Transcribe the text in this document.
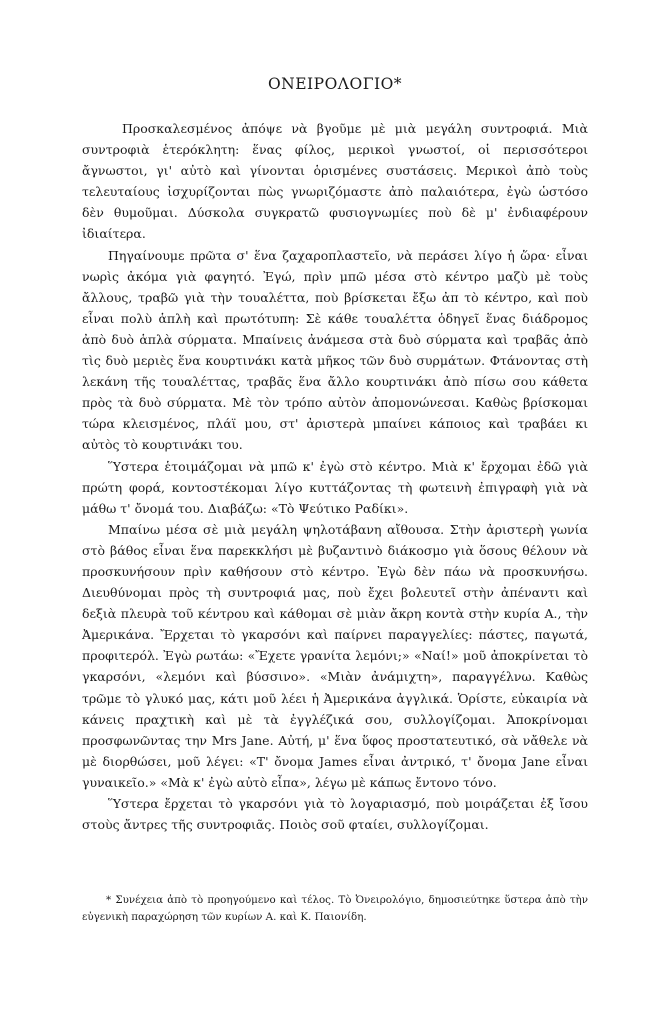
ΟΝΕΙΡΟΛΟΓΙΟ*

Προσκαλεσμένος ἀπόψε νὰ βγοῦμε μὲ μιὰ μεγάλη συντροφιά. Μιὰ συντροφιὰ ἑτερόκλητη: ἕνας φίλος, μερικοὶ γνωστοί, οἱ περισσότεροι ἄγνωστοι, γι' αὐτὸ καὶ γίνονται ὁρισμένες συστάσεις. Μερικοὶ ἀπὸ τοὺς τελευταίους ἰσχυρίζονται πὼς γνωριζόμαστε ἀπὸ παλαιότερα, ἐγὼ ὡστόσο δὲν θυμοῦμαι. Δύσκολα συγκρατῶ φυσιογνωμίες ποὺ δὲ μ' ἐνδιαφέρουν ἰδιαίτερα.

Πηγαίνουμε πρῶτα σ' ἕνα ζαχαροπλαστεῖο, νὰ περάσει λίγο ἡ ὥρα· εἶναι νωρὶς ἀκόμα γιὰ φαγητό. Ἐγώ, πρὶν μπῶ μέσα στὸ κέντρο μαζὺ μὲ τοὺς ἄλλους, τραβῶ γιὰ τὴν τουαλέττα, ποὺ βρίσκεται ἔξω ἀπ τὸ κέντρο, καὶ ποὺ εἶναι πολὺ ἁπλὴ καὶ πρωτότυπη: Σὲ κάθε τουαλέττα ὁδηγεῖ ἕνας διάδρομος ἀπὸ δυὸ ἁπλὰ σύρματα. Μπαίνεις ἀνάμεσα στὰ δυὸ σύρματα καὶ τραβᾶς ἀπὸ τὶς δυὸ μεριὲς ἕνα κουρτινάκι κατὰ μῆκος τῶν δυὸ συρμάτων. Φτάνοντας στὴ λεκάνη τῆς τουαλέττας, τραβᾶς ἕνα ἄλλο κουρτινάκι ἀπὸ πίσω σου κάθετα πρὸς τὰ δυὸ σύρματα. Μὲ τὸν τρόπο αὐτὸν ἀπομονώνεσαι. Καθὼς βρίσκομαι τώρα κλεισμένος, πλάϊ μου, στ' ἀριστερὰ μπαίνει κάποιος καὶ τραβάει κι αὐτὸς τὸ κουρτινάκι του.

Ὕστερα ἑτοιμάζομαι νὰ μπῶ κ' ἐγὼ στὸ κέντρο. Μιὰ κ' ἔρχομαι ἐδῶ γιὰ πρώτη φορά, κοντοστέκομαι λίγο κυττάζοντας τὴ φωτεινὴ ἐπιγραφὴ γιὰ νὰ μάθω τ' ὄνομά του. Διαβάζω: «Τὸ Ψεύτικο Ραδίκι».

Μπαίνω μέσα σὲ μιὰ μεγάλη ψηλοτάβανη αἴθουσα. Στὴν ἀριστερὴ γωνία στὸ βάθος εἶναι ἕνα παρεκκλήσι μὲ βυζαντινὸ διάκοσμο γιὰ ὅσους θέλουν νὰ προσκυνήσουν πρὶν καθήσουν στὸ κέντρο. Ἐγὼ δὲν πάω νὰ προσκυνήσω. Διευθύνομαι πρὸς τὴ συντροφιά μας, ποὺ ἔχει βολευτεῖ στὴν ἀπέναντι καὶ δεξιὰ πλευρὰ τοῦ κέντρου καὶ κάθομαι σὲ μιὰν ἄκρη κοντὰ στὴν κυρία Α., τὴν Ἀμερικάνα. Ἔρχεται τὸ γκαρσόνι καὶ παίρνει παραγγελίες: πάστες, παγωτά, προφιτερόλ. Ἐγὼ ρωτάω: «Ἔχετε γρανίτα λεμόνι;» «Ναί!» μοῦ ἀποκρίνεται τὸ γκαρσόνι, «λεμόνι καὶ βύσσινο». «Μιὰν ἀνάμιχτη», παραγγέλνω. Καθὼς τρῶμε τὸ γλυκό μας, κάτι μοῦ λέει ἡ Ἀμερικάνα ἀγγλικά. Ὁρίστε, εὐκαιρία νὰ κάνεις πραχτικὴ καὶ μὲ τὰ ἐγγλέζικά σου, συλλογίζομαι. Ἀποκρίνομαι προσφωνῶντας την Mrs Jane. Αὐτή, μ' ἕνα ὕφος προστατευτικό, σὰ νἄθελε νὰ μὲ διορθώσει, μοῦ λέγει: «Τ' ὄνομα James εἶναι ἀντρικό, τ' ὄνομα Jane εἶναι γυναικεῖο.» «Μὰ κ' ἐγὼ αὐτὸ εἶπα», λέγω μὲ κάπως ἔντονο τόνο.

Ὕστερα ἔρχεται τὸ γκαρσόνι γιὰ τὸ λογαριασμό, ποὺ μοιράζεται ἐξ ἴσου στοὺς ἄντρες τῆς συντροφιᾶς. Ποιὸς σοῦ φταίει, συλλογίζομαι.

* Συνέχεια ἀπὸ τὸ προηγούμενο καὶ τέλος. Τὸ Ὀνειρολόγιο, δημοσιεύτηκε ὕστερα ἀπὸ τὴν εὐγενικὴ παραχώρηση τῶν κυρίων Α. καὶ Κ. Παιονίδη.
